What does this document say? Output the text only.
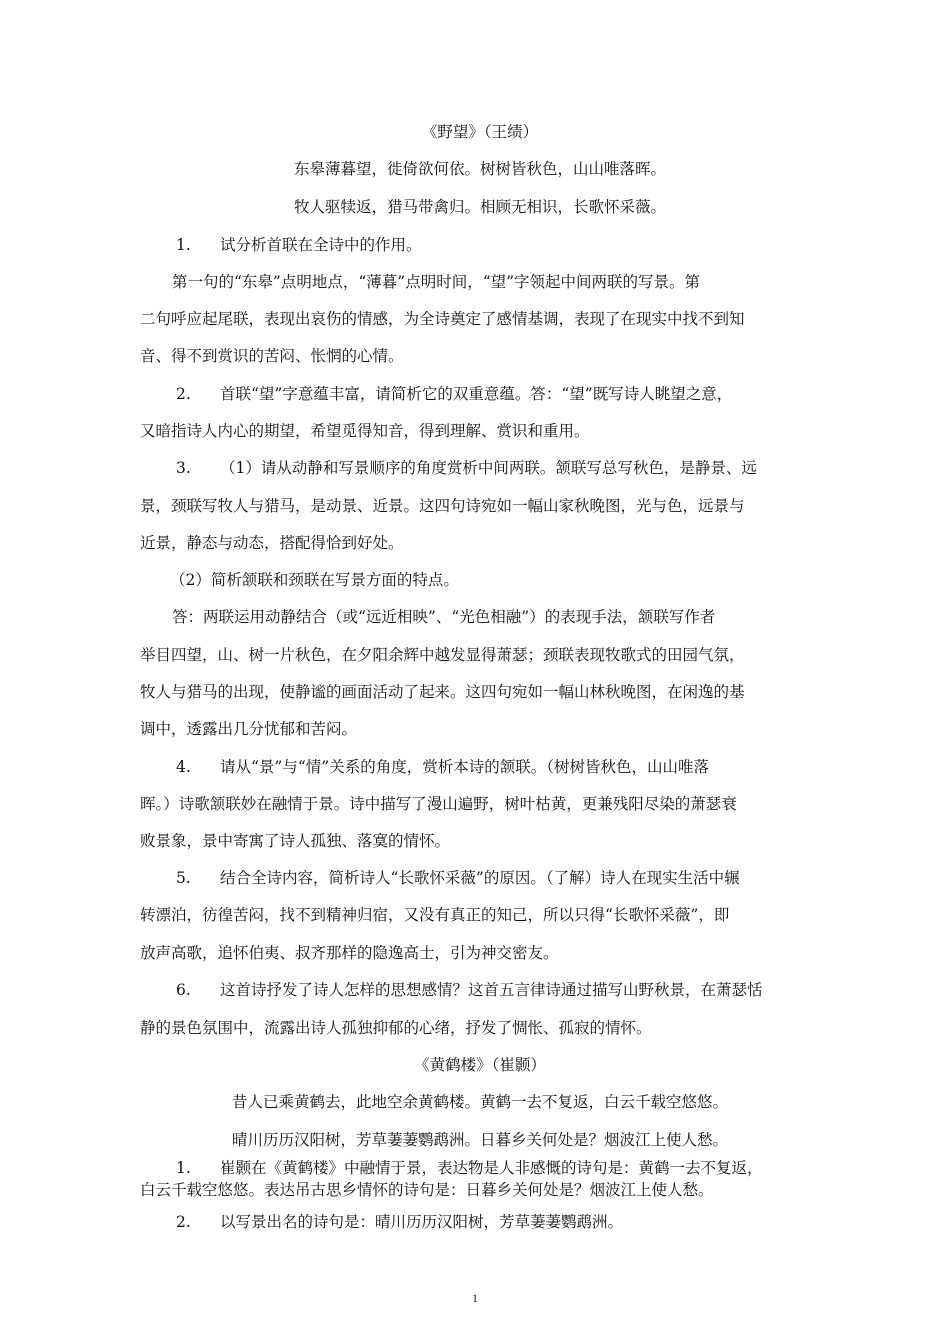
《野望》（王绩）
东皋薄暮望，徙倚欲何依。树树皆秋色，山山唯落晖。
牧人驱犊返，猎马带禽归。相顾无相识，长歌怀采薇。
1. 试分析首联在全诗中的作用。
第一句的“东皋”点明地点，“薄暮”点明时间，“望”字领起中间两联的写景。第
二句呼应起尾联，表现出哀伤的情感，为全诗奠定了感情基调，表现了在现实中找不到知
音、得不到赏识的苦闷、怅惘的心情。
2. 首联“望”字意蕴丰富，请简析它的双重意蕴。答：“望”既写诗人眺望之意，
又暗指诗人内心的期望，希望觅得知音，得到理解、赏识和重用。
3. （1）请从动静和写景顺序的角度赏析中间两联。颔联写总写秋色，是静景、远
景，颈联写牧人与猎马，是动景、近景。这四句诗宛如一幅山家秋晚图，光与色，远景与
近景，静态与动态，搭配得恰到好处。
（2）简析颔联和颈联在写景方面的特点。
答：两联运用动静结合（或“远近相映”、“光色相融”）的表现手法，颔联写作者
举目四望，山、树一片秋色，在夕阳余辉中越发显得萧瑟；颈联表现牧歌式的田园气氛，
牧人与猎马的出现，使静谧的画面活动了起来。这四句宛如一幅山林秋晚图，在闲逸的基
调中，透露出几分忧郁和苦闷。
4. 请从“景”与“情”关系的角度，赏析本诗的颔联。（树树皆秋色，山山唯落
晖。）诗歌颔联妙在融情于景。诗中描写了漫山遍野，树叶枯黄，更兼残阳尽染的萧瑟衰
败景象，景中寄寓了诗人孤独、落寞的情怀。
5. 结合全诗内容，简析诗人“长歌怀采薇”的原因。（了解）诗人在现实生活中辗
转漂泊，彷徨苦闷，找不到精神归宿，又没有真正的知己，所以只得“长歌怀采薇”，即
放声高歌，追怀伯夷、叔齐那样的隐逸高士，引为神交密友。
6. 这首诗抒发了诗人怎样的思想感情？这首五言律诗通过描写山野秋景，在萧瑟恬
静的景色氛围中，流露出诗人孤独抑郁的心绪，抒发了惆怅、孤寂的情怀。
《黄鹤楼》（崔颢）
昔人已乘黄鹤去，此地空余黄鹤楼。黄鹤一去不复返，白云千载空悠悠。
晴川历历汉阳树，芳草萋萋鹦鹉洲。日暮乡关何处是？烟波江上使人愁。
1. 崔颢在《黄鹤楼》中融情于景，表达物是人非感慨的诗句是：黄鹤一去不复返，
白云千载空悠悠。表达吊古思乡情怀的诗句是：日暮乡关何处是？烟波江上使人愁。
2. 以写景出名的诗句是：晴川历历汉阳树，芳草萋萋鹦鹉洲。
1
